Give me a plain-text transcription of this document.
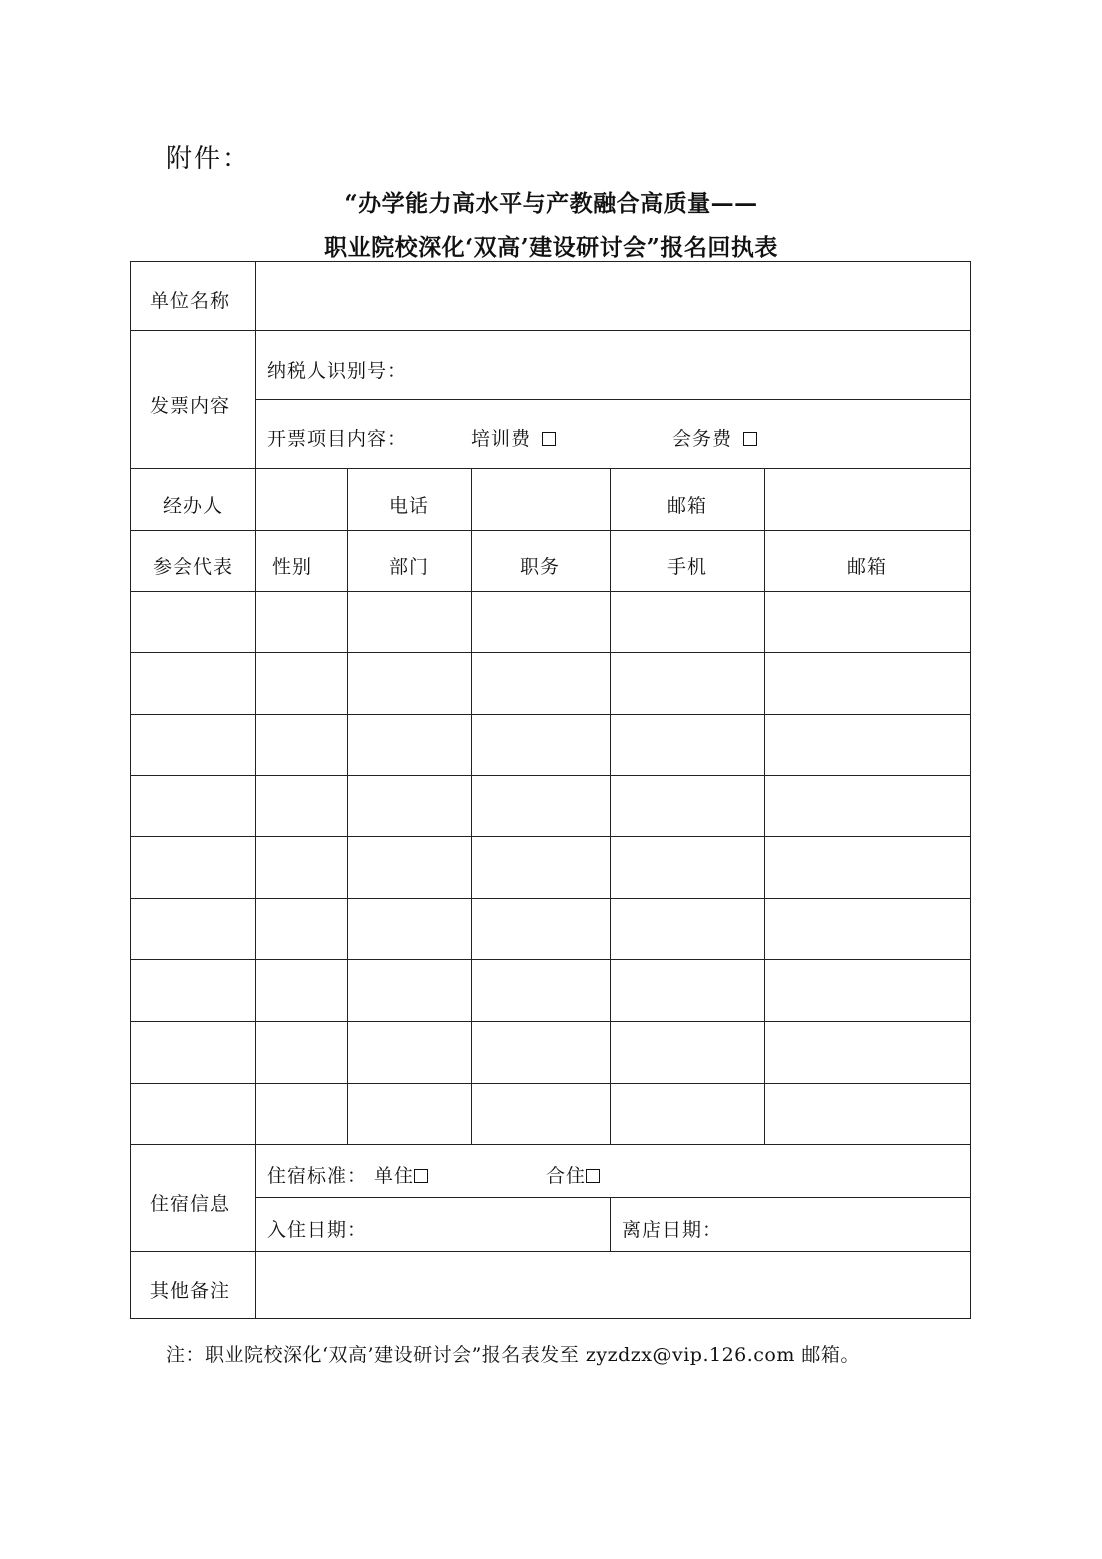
附件：
“办学能力高水平与产教融合高质量——
职业院校深化‘双高’建设研讨会”报名回执表
单位名称
发票内容
纳税人识别号：
开票项目内容：	培训费	会务费
经办人	电话	邮箱
参会代表 性别	部门	职务	手机	邮箱
住宿信息
住宿标准： 单住	合住
入住日期：	离店日期：
其他备注
注：职业院校深化‘双高’建设研讨会”报名表发至 zyzdzx@vip.126.com 邮箱。
